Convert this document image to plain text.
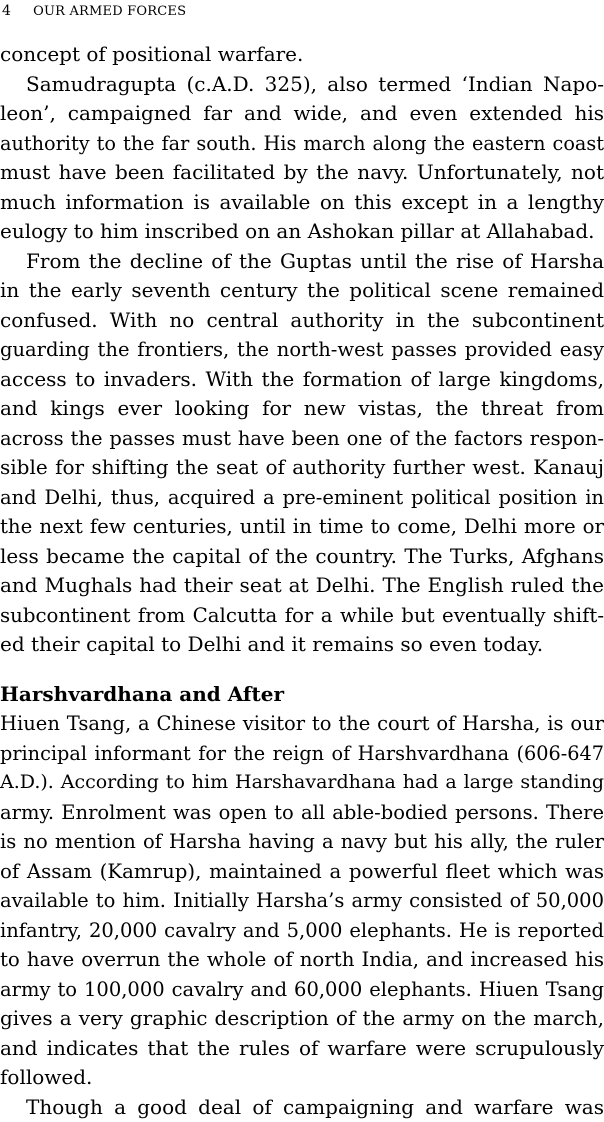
4 OUR ARMED FORCES
concept of positional warfare.
Samudragupta (c.A.D. 325), also termed ‘Indian Napo-
leon’, campaigned far and wide, and even extended his
authority to the far south. His march along the eastern coast
must have been facilitated by the navy. Unfortunately, not
much information is available on this except in a lengthy
eulogy to him inscribed on an Ashokan pillar at Allahabad.
From the decline of the Guptas until the rise of Harsha
in the early seventh century the political scene remained
confused. With no central authority in the subcontinent
guarding the frontiers, the north-west passes provided easy
access to invaders. With the formation of large kingdoms,
and kings ever looking for new vistas, the threat from
across the passes must have been one of the factors respon-
sible for shifting the seat of authority further west. Kanauj
and Delhi, thus, acquired a pre-eminent political position in
the next few centuries, until in time to come, Delhi more or
less became the capital of the country. The Turks, Afghans
and Mughals had their seat at Delhi. The English ruled the
subcontinent from Calcutta for a while but eventually shift-
ed their capital to Delhi and it remains so even today.
Harshvardhana and After
Hiuen Tsang, a Chinese visitor to the court of Harsha, is our
principal informant for the reign of Harshvardhana (606-647
A.D.). According to him Harshavardhana had a large standing
army. Enrolment was open to all able-bodied persons. There
is no mention of Harsha having a navy but his ally, the ruler
of Assam (Kamrup), maintained a powerful fleet which was
available to him. Initially Harsha’s army consisted of 50,000
infantry, 20,000 cavalry and 5,000 elephants. He is reported
to have overrun the whole of north India, and increased his
army to 100,000 cavalry and 60,000 elephants. Hiuen Tsang
gives a very graphic description of the army on the march,
and indicates that the rules of warfare were scrupulously
followed.
Though a good deal of campaigning and warfare was
